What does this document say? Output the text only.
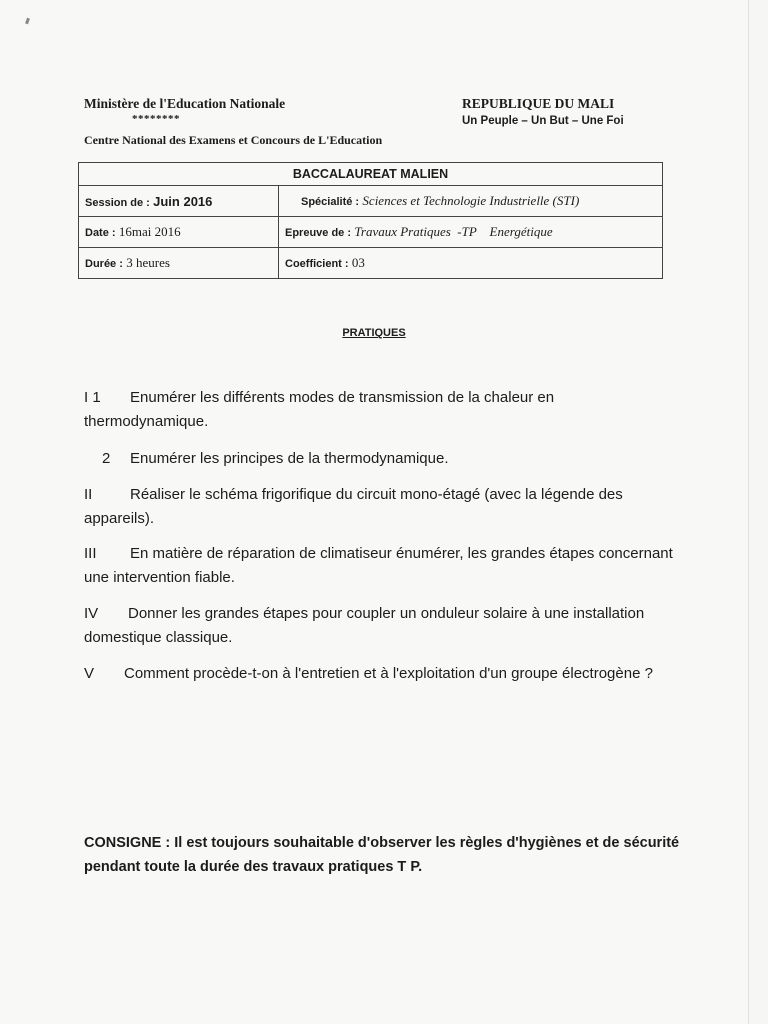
Ministère de l'Education Nationale
********
Centre National des Examens et Concours de L'Education
REPUBLIQUE DU MALI
Un Peuple – Un But – Une Foi
BACCALAUREAT MALIEN	
Session de : Juin 2016	Spécialité : Sciences et Technologie Industrielle (STI)
Date : 16mai 2016	Epreuve de : Travaux Pratiques  -TP    Energétique
Durée : 3 heures	Coefficient : 03
PRATIQUES
I 1 Enumérer les différents modes de transmission de la chaleur en thermodynamique.
2 Enumérer les principes de la thermodynamique.
II	Réaliser le schéma frigorifique du circuit mono-étagé (avec la légende des appareils).
III En matière de réparation de climatiseur énumérer, les grandes étapes concernant une intervention fiable.
IV Donner les grandes étapes pour coupler un onduleur solaire à une installation domestique classique.
V Comment procède-t-on à l'entretien et à l'exploitation d'un groupe électrogène ?
CONSIGNE : Il est toujours souhaitable d'observer les règles d'hygiènes et de sécurité pendant toute la durée des travaux pratiques T P.
